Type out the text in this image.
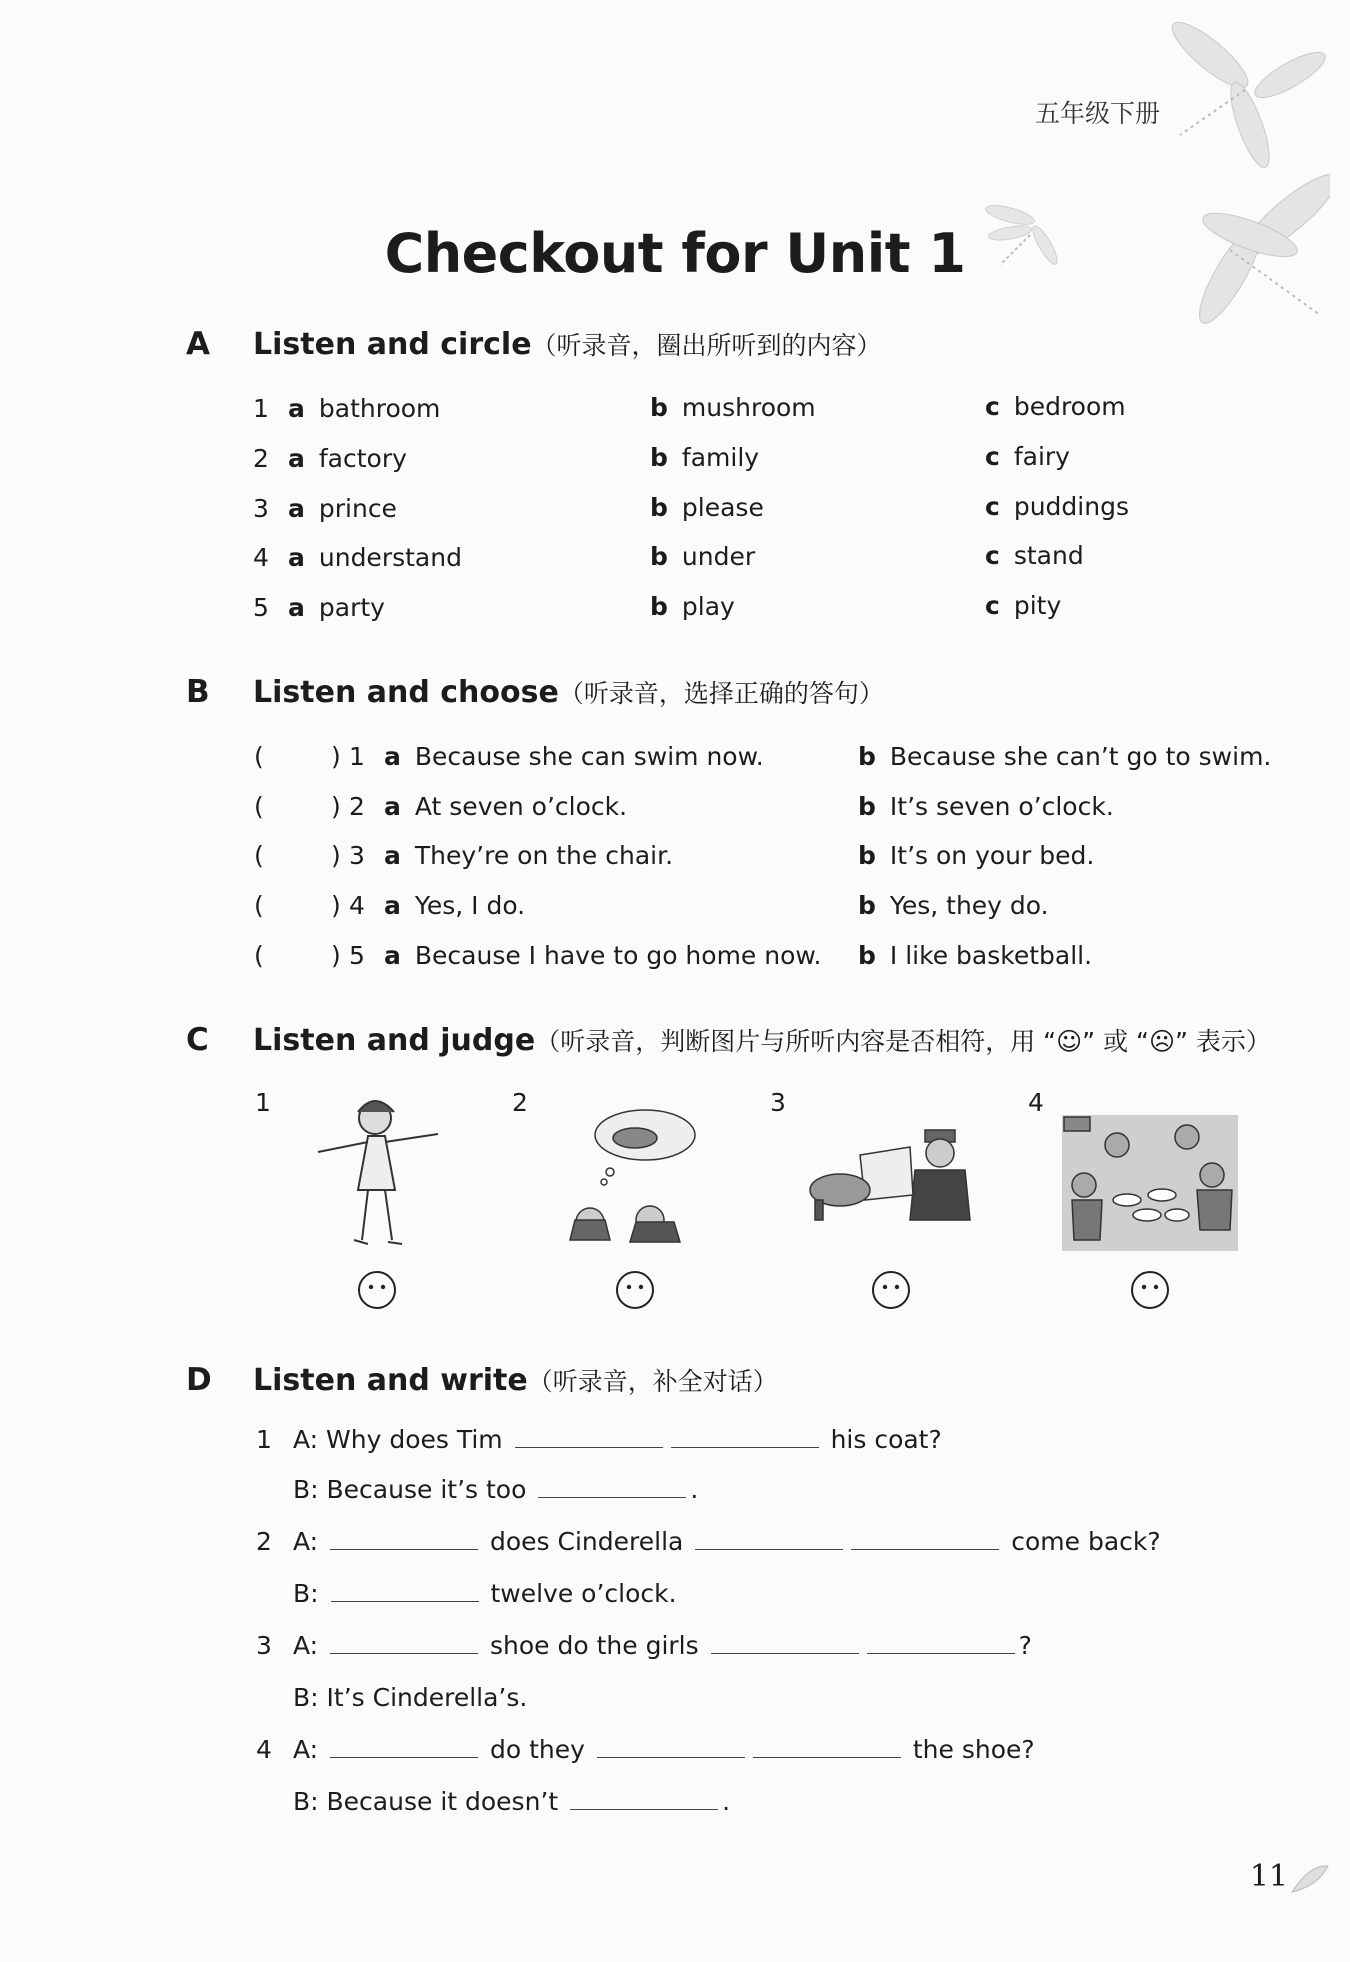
五年级下册
Checkout for Unit 1
A Listen and circle（听录音，圈出所听到的内容）
1 a bathroom	b mushroom	c bedroom
2 a factory	b family	c fairy
3 a prince	b please	c puddings
4 a understand	b under	c stand
5 a party	b play	c pity
B Listen and choose（听录音，选择正确的答句）
(	) 1 a Because she can swim now.	b Because she can’t go to swim.
(	) 2 a At seven o’clock.	b It’s seven o’clock.
(	) 3 a They’re on the chair.	b It’s on your bed.
(	) 4 a Yes, I do.	b Yes, they do.
(	) 5 a Because I have to go home now. b I like basketball.
C Listen and judge（听录音，判断图片与所听内容是否相符，用 “☺” 或 “☹” 表示）
1	2	3	4
D Listen and write（听录音，补全对话）
1 A: Why does Tim	his coat?
B: Because it’s too	.
2 A:	does Cinderella	come back?
B:	twelve o’clock.
3 A:	shoe do the girls	?
B: It’s Cinderella’s.
4 A:	do they	the shoe?
B: Because it doesn’t	.
11
